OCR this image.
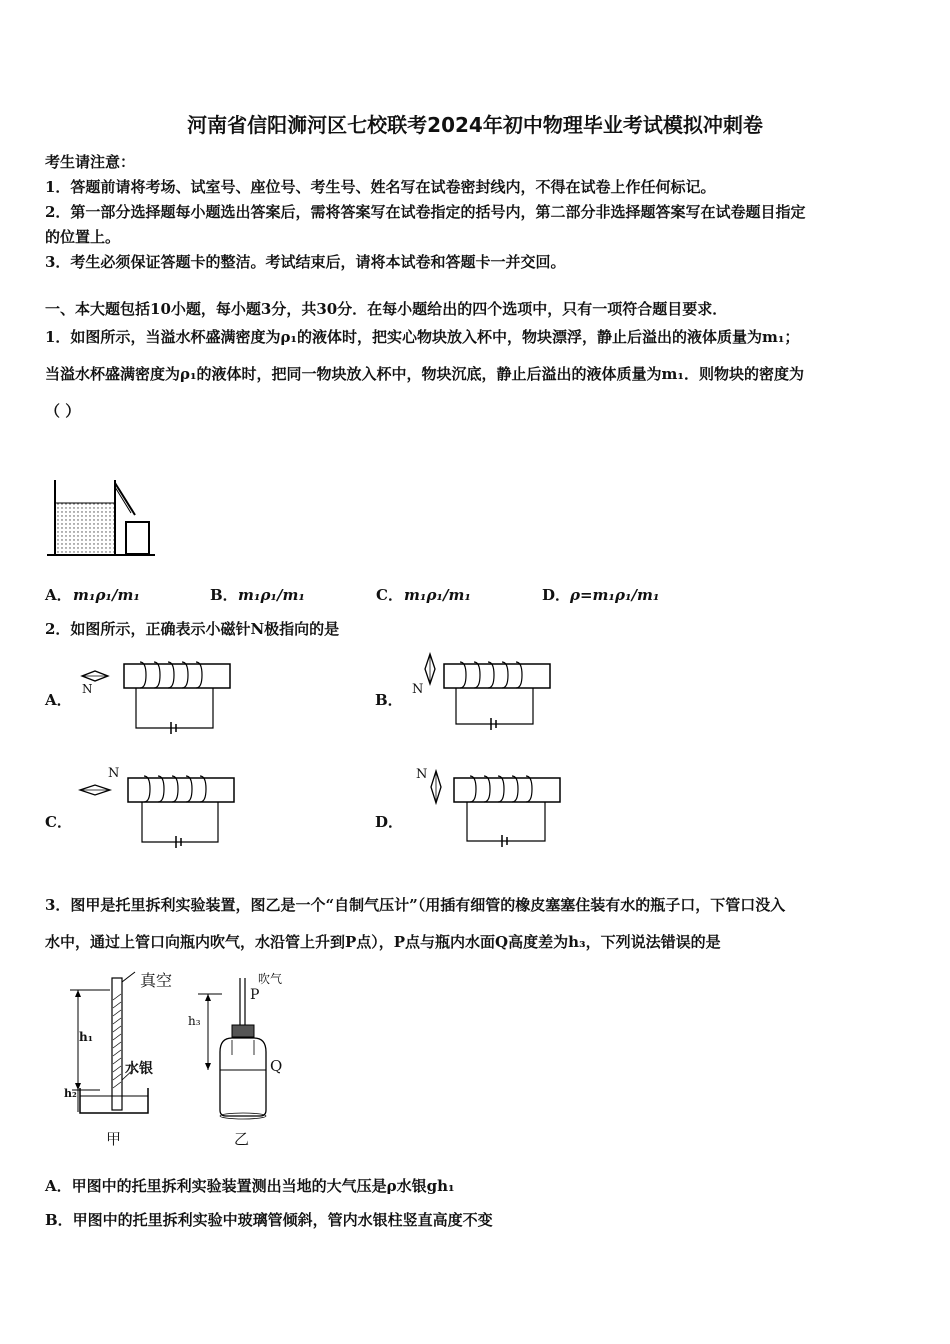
河南省信阳浉河区七校联考2024年初中物理毕业考试模拟冲刺卷
考生请注意：
1．答题前请将考场、试室号、座位号、考生号、姓名写在试卷密封线内，不得在试卷上作任何标记。
2．第一部分选择题每小题选出答案后，需将答案写在试卷指定的括号内，第二部分非选择题答案写在试卷题目指定
的位置上。
3．考生必须保证答题卡的整洁。考试结束后，请将本试卷和答题卡一并交回。
一、本大题包括10小题，每小题3分，共30分．在每小题给出的四个选项中，只有一项符合题目要求．
1．如图所示，当溢水杯盛满密度为ρ₁的液体时，把实心物块放入杯中，物块漂浮，静止后溢出的液体质量为m₁；
当溢水杯盛满密度为ρ₁的液体时，把同一物块放入杯中，物块沉底，静止后溢出的液体质量为m₁．则物块的密度为
（ ）
A． m₁ρ₁/m₁	B． m₁ρ₁/m₁	C． m₁ρ₁/m₁	D． ρ=m₁ρ₁/m₁
2．如图所示，正确表示小磁针N极指向的是
A．	B．
C．	D．
N	N
N	N
3．图甲是托里拆利实验装置，图乙是一个“自制气压计”（用插有细管的橡皮塞塞住装有水的瓶子口，下管口没入
水中，通过上管口向瓶内吹气，水沿管上升到P点），P点与瓶内水面Q高度差为h₃，下列说法错误的是
真空
h₁
水银
h₂
甲
吹气
P
h₃
Q
乙
A．甲图中的托里拆利实验装置测出当地的大气压是ρ水银gh₁
B．甲图中的托里拆利实验中玻璃管倾斜，管内水银柱竖直高度不变
